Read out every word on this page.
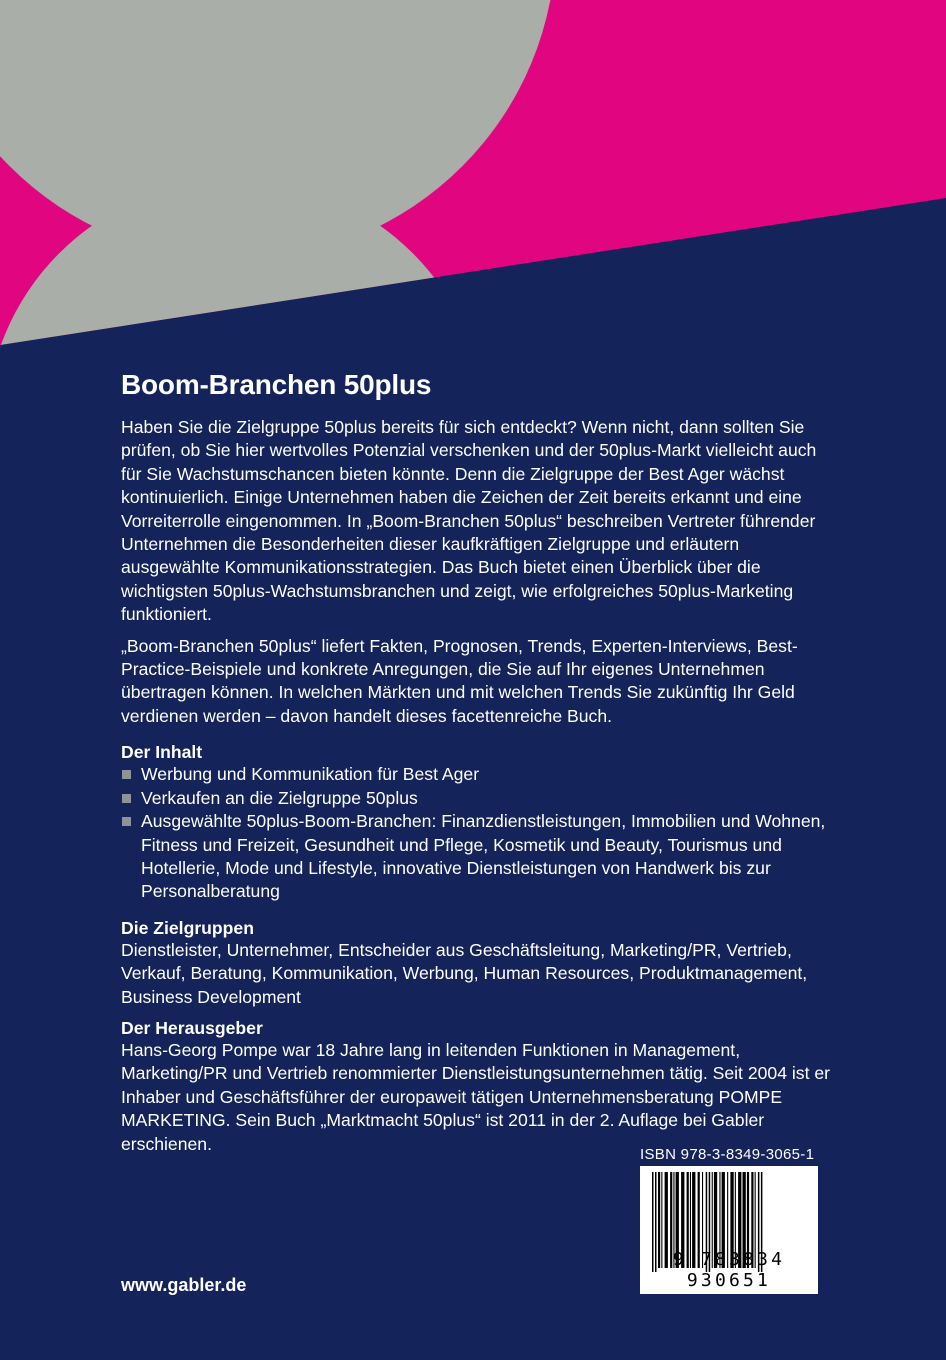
Boom-Branchen 50plus

Haben Sie die Zielgruppe 50plus bereits für sich entdeckt? Wenn nicht, dann sollten Sie prüfen, ob Sie hier wertvolles Potenzial verschenken und der 50plus-Markt vielleicht auch für Sie Wachstumschancen bieten könnte. Denn die Zielgruppe der Best Ager wächst kontinuierlich. Einige Unternehmen haben die Zeichen der Zeit bereits erkannt und eine Vorreiterrolle eingenommen. In „Boom-Branchen 50plus“ beschreiben Vertreter führender Unternehmen die Besonderheiten dieser kaufkräftigen Zielgruppe und erläutern ausgewählte Kommunikationsstrategien. Das Buch bietet einen Überblick über die wichtigsten 50plus-Wachstumsbranchen und zeigt, wie erfolgreiches 50plus-Marketing funktioniert.

„Boom-Branchen 50plus“ liefert Fakten, Prognosen, Trends, Experten-Interviews, Best-Practice-Beispiele und konkrete Anregungen, die Sie auf Ihr eigenes Unternehmen übertragen können. In welchen Märkten und mit welchen Trends Sie zukünftig Ihr Geld verdienen werden – davon handelt dieses facettenreiche Buch.

Der Inhalt
Werbung und Kommunikation für Best Ager
Verkaufen an die Zielgruppe 50plus
Ausgewählte 50plus-Boom-Branchen: Finanzdienstleistungen, Immobilien und Wohnen, Fitness und Freizeit, Gesundheit und Pflege, Kosmetik und Beauty, Tourismus und Hotellerie, Mode und Lifestyle, innovative Dienstleistungen von Handwerk bis zur Personalberatung
Die Zielgruppen

Dienstleister, Unternehmer, Entscheider aus Geschäftsleitung, Marketing/PR, Vertrieb, Verkauf, Beratung, Kommunikation, Werbung, Human Resources, Produktmanagement, Business Development

Der Herausgeber

Hans-Georg Pompe war 18 Jahre lang in leitenden Funktionen in Management, Marketing/PR und Vertrieb renommierter Dienstleistungsunternehmen tätig. Seit 2004 ist er Inhaber und Geschäftsführer der europaweit tätigen Unternehmensberatung POMPE MARKETING. Sein Buch „Marktmacht 50plus“ ist 2011 in der 2. Auflage bei Gabler erschienen.

ISBN 978-3-8349-3065-1
9 783834 930651
www.gabler.de
